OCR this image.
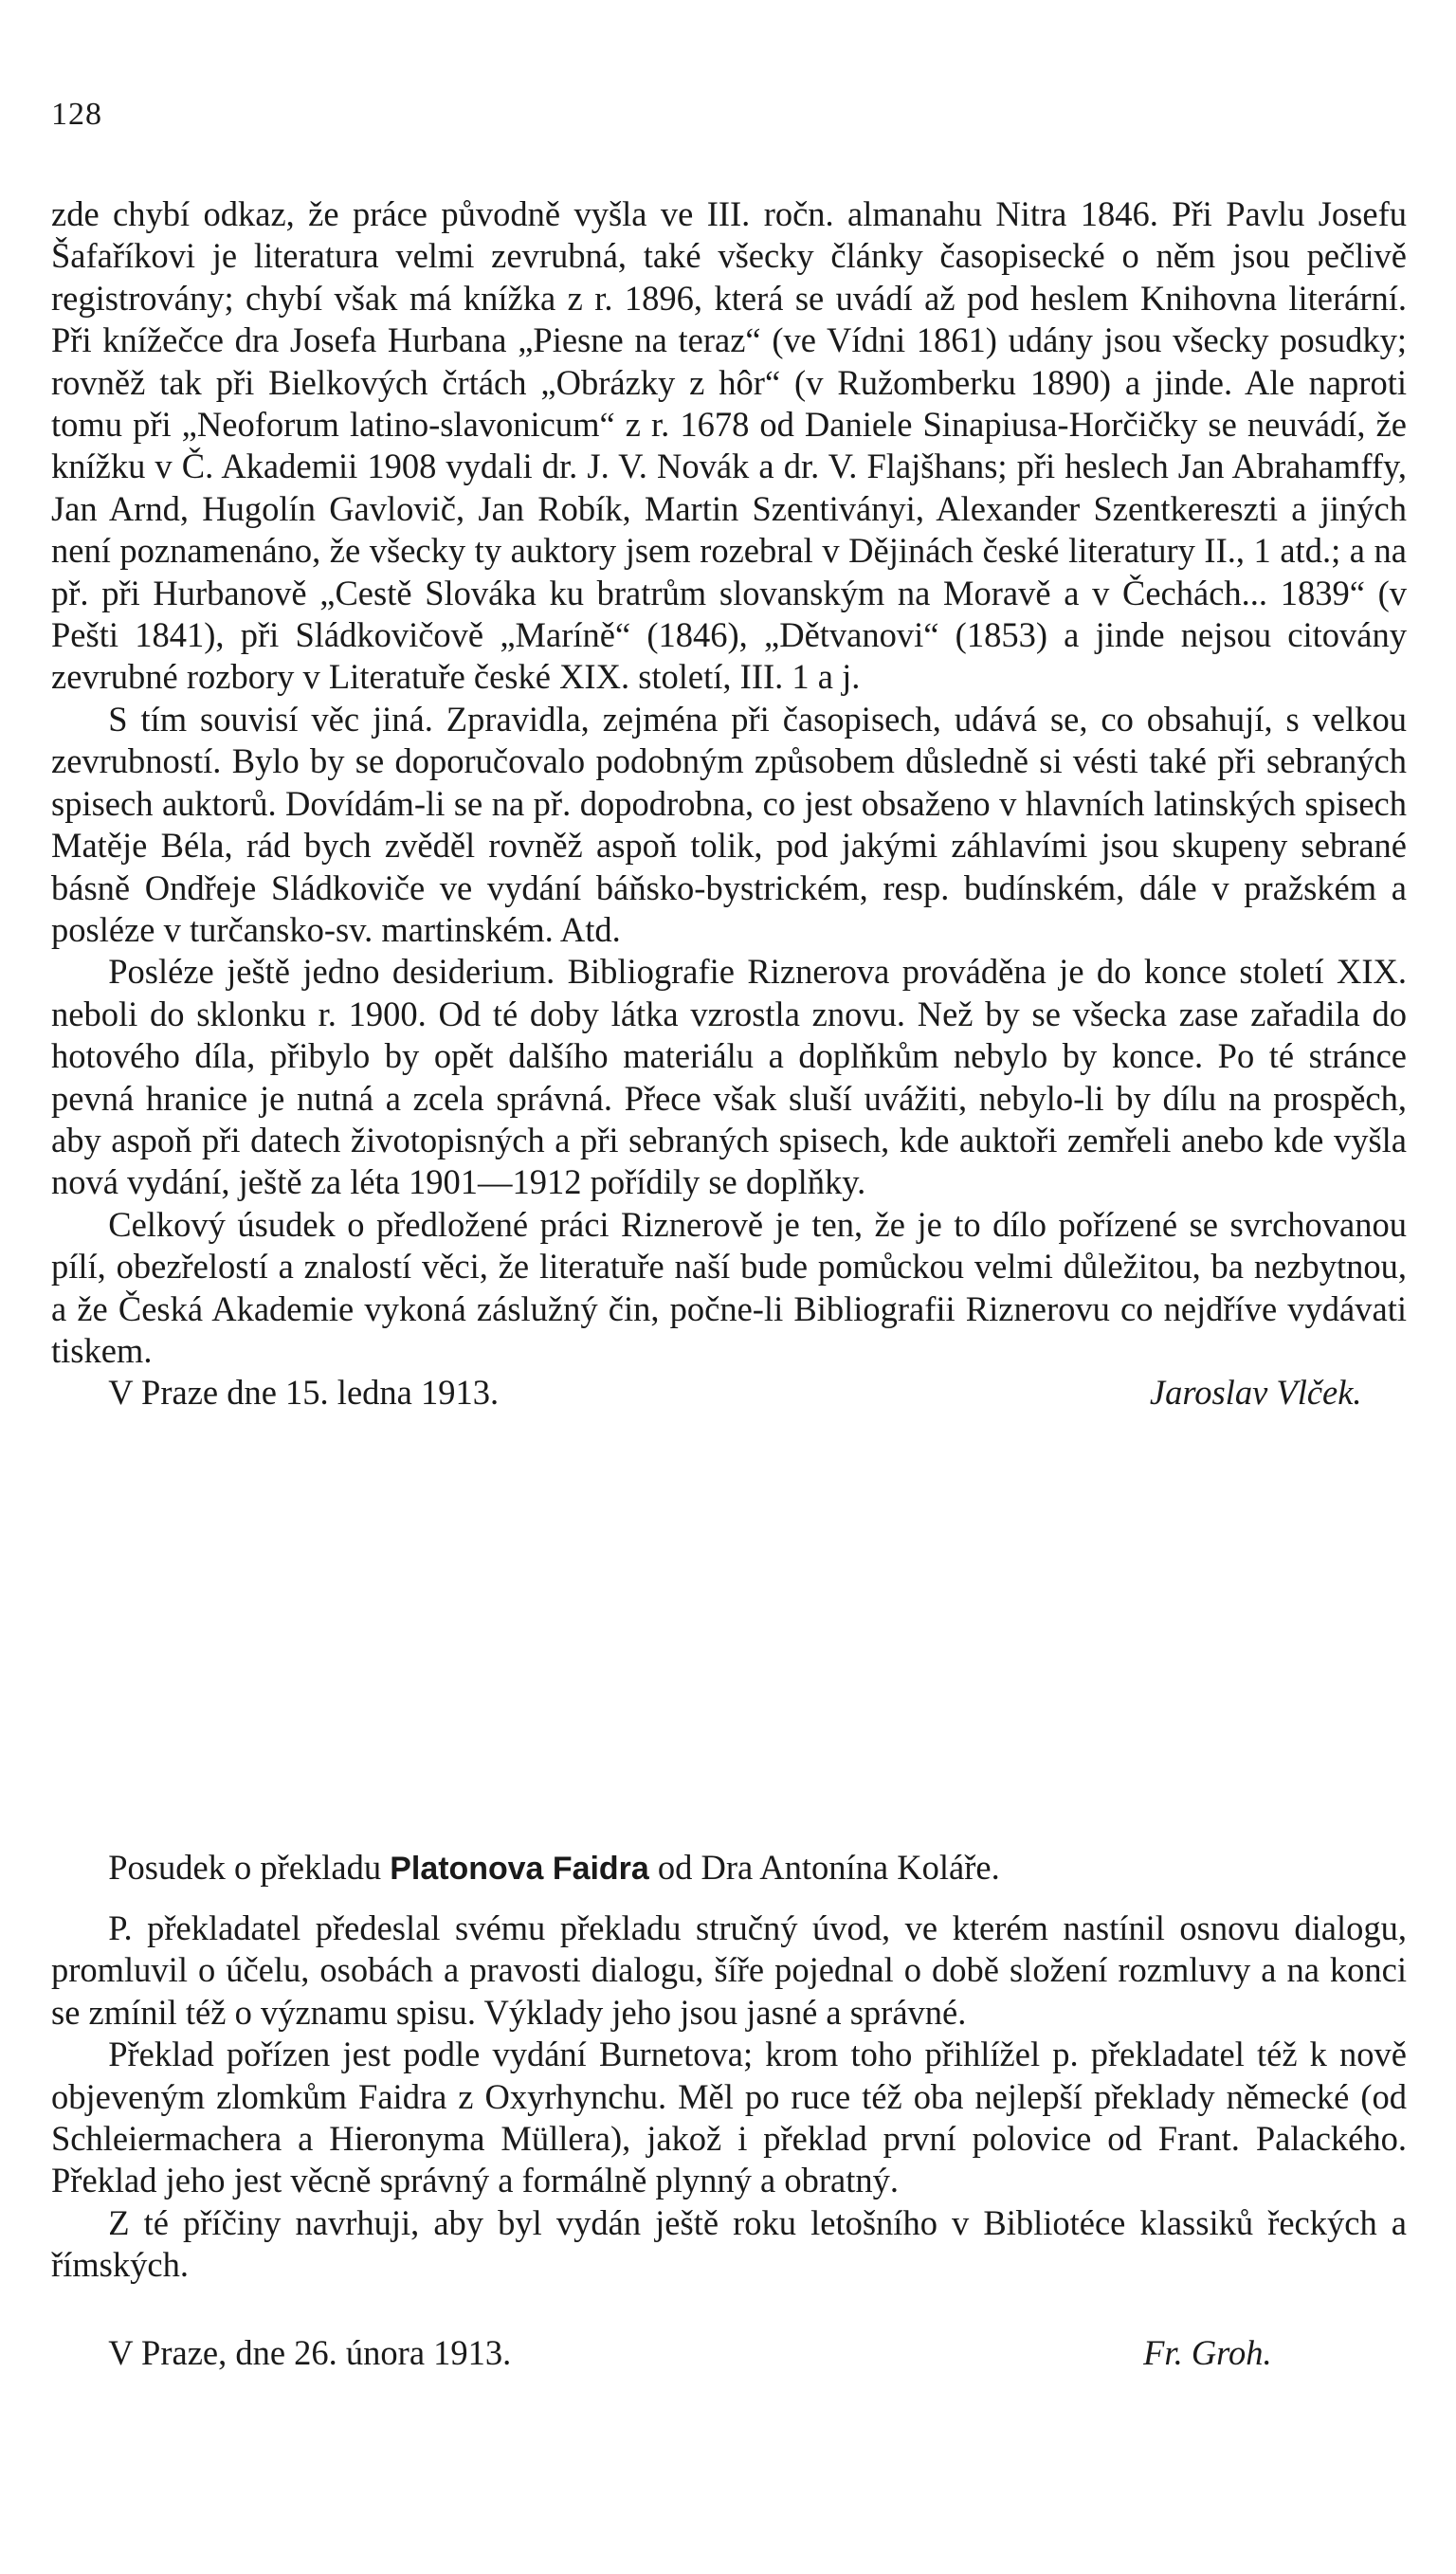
128

zde chybí odkaz, že práce původně vyšla ve III. ročn. almanahu Nitra 1846. Při Pavlu Josefu Šafaříkovi je literatura velmi zevrubná, také všecky články časopisecké o něm jsou pečlivě registrovány; chybí však má knížka z r. 1896, která se uvádí až pod heslem Knihovna literární. Při knížečce dra Josefa Hurbana „Piesne na teraz“ (ve Vídni 1861) udány jsou všecky posudky; rovněž tak při Bielkových črtách „Obrázky z hôr“ (v Ružomberku 1890) a jinde. Ale naproti tomu při „Neoforum latino-slavonicum“ z r. 1678 od Daniele Sinapiusa-Horčičky se neuvádí, že knížku v Č. Akademii 1908 vydali dr. J. V. Novák a dr. V. Flajšhans; při heslech Jan Abrahamffy, Jan Arnd, Hugolín Gavlovič, Jan Robík, Martin Szentiványi, Alexander Szentkereszti a jiných není poznamenáno, že všecky ty auktory jsem rozebral v Dějinách české literatury II., 1 atd.; a na př. při Hurbanově „Cestě Slováka ku bratrům slovanským na Moravě a v Čechách... 1839“ (v Pešti 1841), při Sládkovičově „Maríně“ (1846), „Dětvanovi“ (1853) a jinde nejsou citovány zevrubné rozbory v Literatuře české XIX. století, III. 1 a j.

S tím souvisí věc jiná. Zpravidla, zejména při časopisech, udává se, co obsahují, s velkou zevrubností. Bylo by se doporučovalo podobným způsobem důsledně si vésti také při sebraných spisech auktorů. Dovídám-li se na př. dopodrobna, co jest obsaženo v hlavních latinských spisech Matěje Béla, rád bych zvěděl rovněž aspoň tolik, pod jakými záhlavími jsou skupeny sebrané básně Ondřeje Sládkoviče ve vydání báňsko-bystrickém, resp. budínském, dále v pražském a posléze v turčansko-sv. martinském. Atd.

Posléze ještě jedno desiderium. Bibliografie Riznerova prováděna je do konce století XIX. neboli do sklonku r. 1900. Od té doby látka vzrostla znovu. Než by se všecka zase zařadila do hotového díla, přibylo by opět dalšího materiálu a doplňkům nebylo by konce. Po té stránce pevná hranice je nutná a zcela správná. Přece však sluší uvážiti, nebylo-li by dílu na prospěch, aby aspoň při datech životopisných a při sebraných spisech, kde auktoři zemřeli anebo kde vyšla nová vydání, ještě za léta 1901—1912 pořídily se doplňky.

Celkový úsudek o předložené práci Riznerově je ten, že je to dílo pořízené se svrchovanou pílí, obezřelostí a znalostí věci, že literatuře naší bude pomůckou velmi důležitou, ba nezbytnou, a že Česká Akademie vykoná záslužný čin, počne-li Bibliografii Riznerovu co nejdříve vydávati tiskem.

V Praze dne 15. ledna 1913.	Jaroslav Vlček.

Posudek o překladu Platonova Faidra od Dra Antonína Koláře.

P. překladatel předeslal svému překladu stručný úvod, ve kterém nastínil osnovu dialogu, promluvil o účelu, osobách a pravosti dialogu, šíře pojednal o době složení rozmluvy a na konci se zmínil též o významu spisu. Výklady jeho jsou jasné a správné.

Překlad pořízen jest podle vydání Burnetova; krom toho přihlížel p. překladatel též k nově objeveným zlomkům Faidra z Oxyrhynchu. Měl po ruce též oba nejlepší překlady německé (od Schleiermachera a Hieronyma Müllera), jakož i překlad první polovice od Frant. Palackého. Překlad jeho jest věcně správný a formálně plynný a obratný.

Z té příčiny navrhuji, aby byl vydán ještě roku letošního v Bibliotéce klassiků řeckých a římských.

V Praze, dne 26. února 1913.	Fr. Groh.
